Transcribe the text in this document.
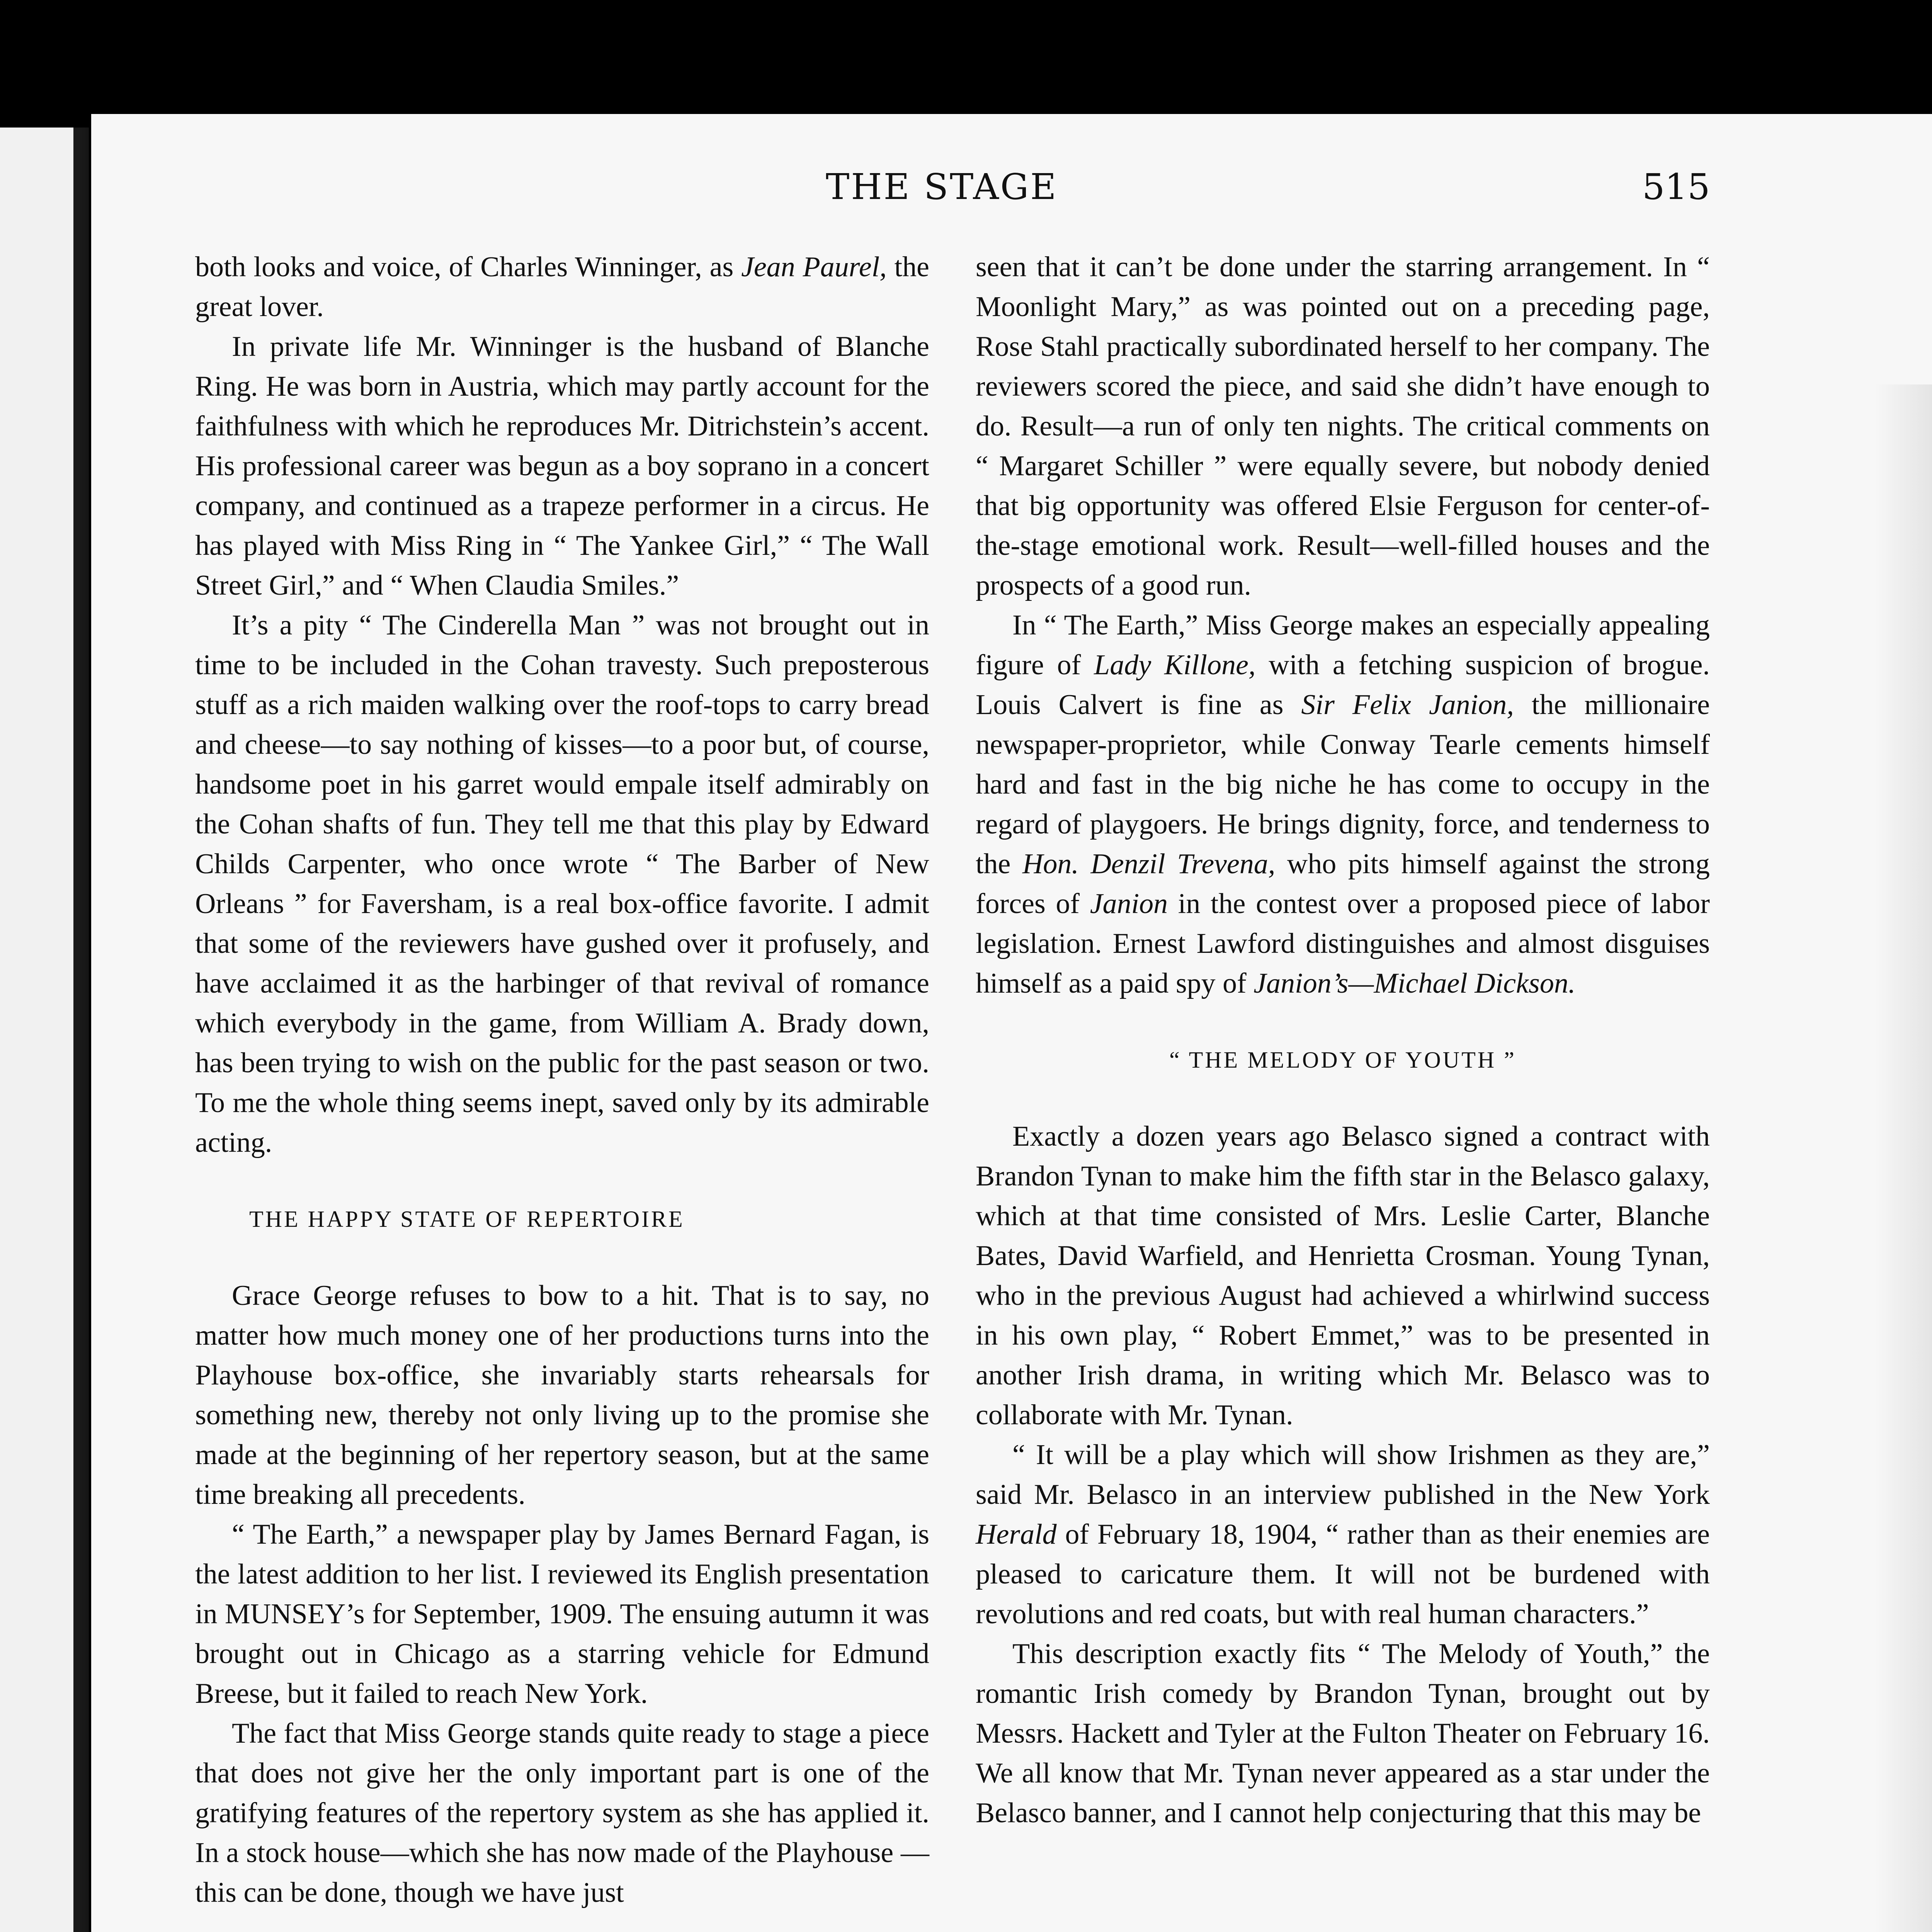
THE STAGE	515

both looks and voice, of Charles Winninger, as Jean Paurel, the great lover.

In private life Mr. Winninger is the husband of Blanche Ring. He was born in Austria, which may partly account for the faithfulness with which he reproduces Mr. Ditrichstein’s accent. His professional career was begun as a boy soprano in a concert company, and continued as a trapeze performer in a circus. He has played with Miss Ring in “ The Yankee Girl,” “ The Wall Street Girl,” and “ When Claudia Smiles.”

It’s a pity “ The Cinderella Man ” was not brought out in time to be included in the Cohan travesty. Such preposterous stuff as a rich maiden walking over the roof-tops to carry bread and cheese—to say nothing of kisses—to a poor but, of course, handsome poet in his garret would empale itself admirably on the Cohan shafts of fun. They tell me that this play by Edward Childs Carpenter, who once wrote “ The Barber of New Orleans ” for Faversham, is a real box-office favorite. I admit that some of the reviewers have gushed over it profusely, and have acclaimed it as the harbinger of that revival of romance which everybody in the game, from William A. Brady down, has been trying to wish on the public for the past season or two. To me the whole thing seems inept, saved only by its admirable acting.

THE HAPPY STATE OF REPERTOIRE

Grace George refuses to bow to a hit. That is to say, no matter how much money one of her productions turns into the Playhouse box-office, she invariably starts rehearsals for something new, thereby not only living up to the promise she made at the beginning of her repertory season, but at the same time breaking all precedents.

“ The Earth,” a newspaper play by James Bernard Fagan, is the latest addition to her list. I reviewed its English presentation in MUNSEY’s for September, 1909. The ensuing autumn it was brought out in Chicago as a starring vehicle for Edmund Breese, but it failed to reach New York.

The fact that Miss George stands quite ready to stage a piece that does not give her the only important part is one of the gratifying features of the repertory system as she has applied it. In a stock house—which she has now made of the Playhouse —this can be done, though we have just

seen that it can’t be done under the starring arrangement. In “ Moonlight Mary,” as was pointed out on a preceding page, Rose Stahl practically subordinated herself to her company. The reviewers scored the piece, and said she didn’t have enough to do. Result—a run of only ten nights. The critical comments on “ Margaret Schiller ” were equally severe, but nobody denied that big opportunity was offered Elsie Ferguson for center-of-the-stage emotional work. Result—well-filled houses and the prospects of a good run.

In “ The Earth,” Miss George makes an especially appealing figure of Lady Killone, with a fetching suspicion of brogue. Louis Calvert is fine as Sir Felix Janion, the millionaire newspaper-proprietor, while Conway Tearle cements himself hard and fast in the big niche he has come to occupy in the regard of playgoers. He brings dignity, force, and tenderness to the Hon. Denzil Trevena, who pits himself against the strong forces of Janion in the contest over a proposed piece of labor legislation. Ernest Lawford distinguishes and almost disguises himself as a paid spy of Janion’s—Michael Dickson.

“ THE MELODY OF YOUTH ”

Exactly a dozen years ago Belasco signed a contract with Brandon Tynan to make him the fifth star in the Belasco galaxy, which at that time consisted of Mrs. Leslie Carter, Blanche Bates, David Warfield, and Henrietta Crosman. Young Tynan, who in the previous August had achieved a whirlwind success in his own play, “ Robert Emmet,” was to be presented in another Irish drama, in writing which Mr. Belasco was to collaborate with Mr. Tynan.

“ It will be a play which will show Irishmen as they are,” said Mr. Belasco in an interview published in the New York Herald of February 18, 1904, “ rather than as their enemies are pleased to caricature them. It will not be burdened with revolutions and red coats, but with real human characters.”

This description exactly fits “ The Melody of Youth,” the romantic Irish comedy by Brandon Tynan, brought out by Messrs. Hackett and Tyler at the Fulton Theater on February 16. We all know that Mr. Tynan never appeared as a star under the Belasco banner, and I cannot help conjecturing that this may be
